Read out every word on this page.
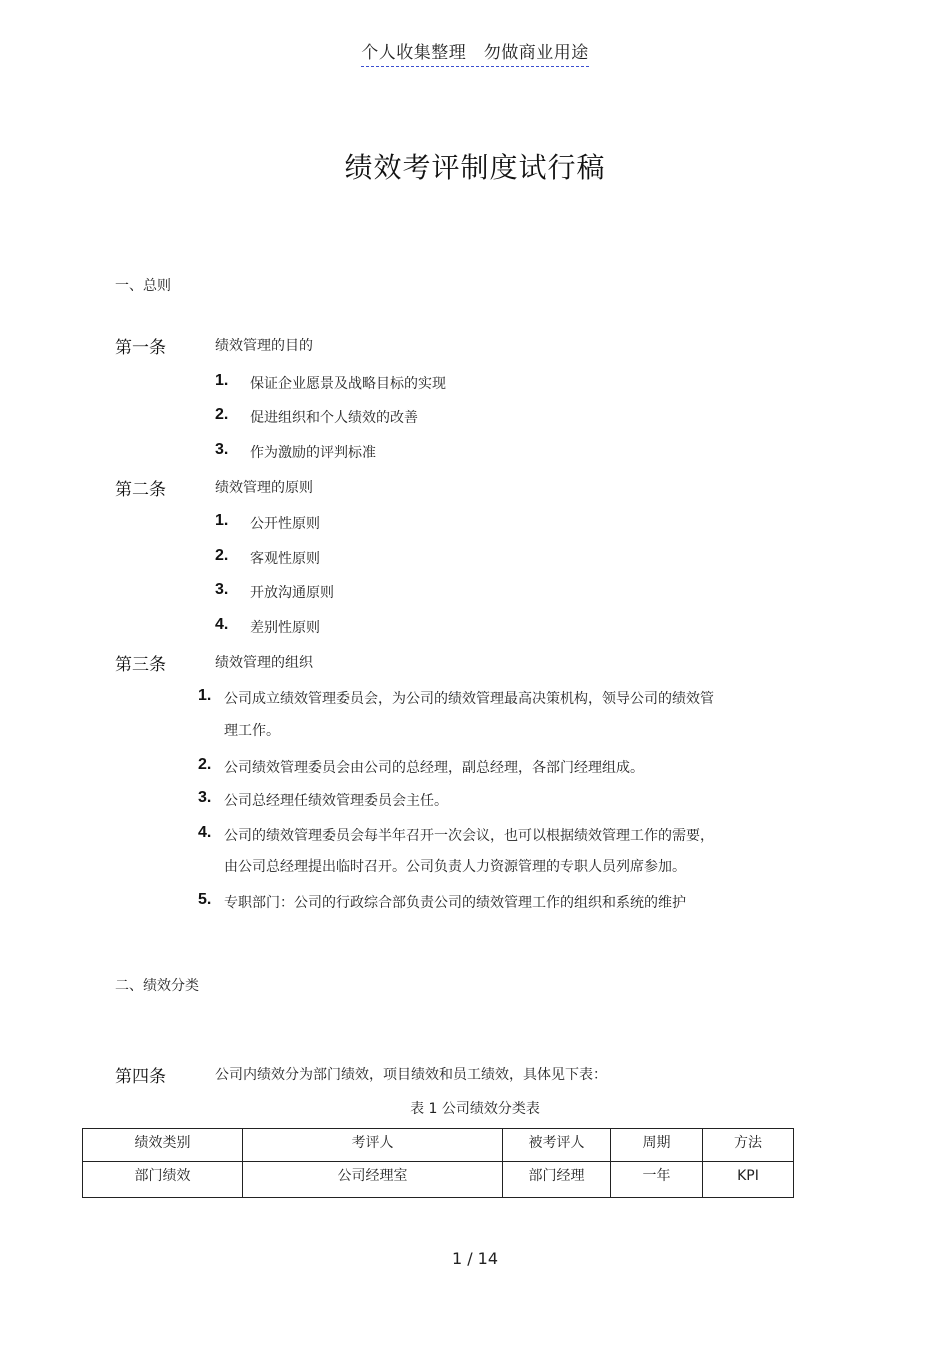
个人收集整理　勿做商业用途
绩效考评制度试行稿
一、总则
第一条	绩效管理的目的
1. 保证企业愿景及战略目标的实现
2. 促进组织和个人绩效的改善
3. 作为激励的评判标准
第二条	绩效管理的原则
1. 公开性原则
2. 客观性原则
3. 开放沟通原则
4. 差别性原则
第三条	绩效管理的组织
1. 公司成立绩效管理委员会，为公司的绩效管理最高决策机构，领导公司的绩效管
理工作。
2. 公司绩效管理委员会由公司的总经理，副总经理，各部门经理组成。
3. 公司总经理任绩效管理委员会主任。
4. 公司的绩效管理委员会每半年召开一次会议，也可以根据绩效管理工作的需要，
由公司总经理提出临时召开。公司负责人力资源管理的专职人员列席参加。
5. 专职部门：公司的行政综合部负责公司的绩效管理工作的组织和系统的维护
二、绩效分类
第四条	公司内绩效分为部门绩效，项目绩效和员工绩效，具体见下表：
表 1 公司绩效分类表
绩效类别	考评人	被考评人	周期	方法
部门绩效	公司经理室	部门经理	一年	KPI
1 / 14
